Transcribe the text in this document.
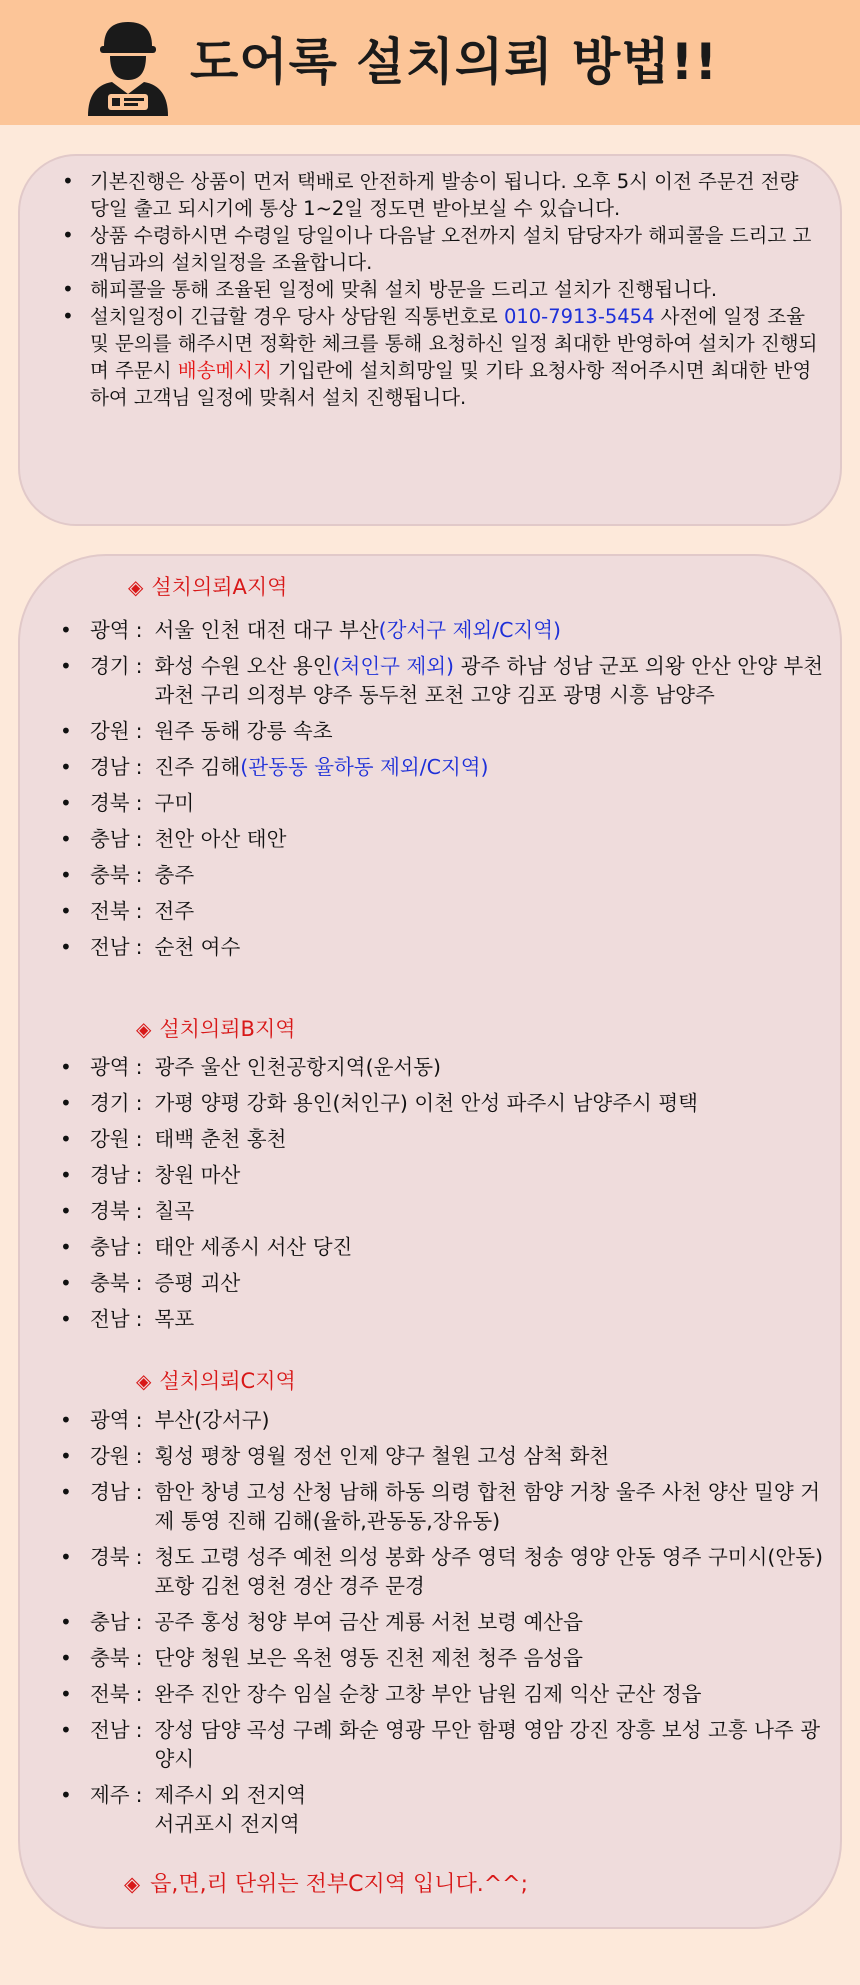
도어록 설치의뢰 방법!!
• 기본진행은 상품이 먼저 택배로 안전하게 발송이 됩니다. 오후 5시 이전 주문건 전량 당일 출고 되시기에 통상 1~2일 정도면 받아보실 수 있습니다.
• 상품 수령하시면 수령일 당일이나 다음날 오전까지 설치 담당자가 해피콜을 드리고 고객님과의 설치일정을 조율합니다.
• 해피콜을 통해 조율된 일정에 맞춰 설치 방문을 드리고 설치가 진행됩니다.
• 설치일정이 긴급할 경우 당사 상담원 직통번호로 010-7913-5454 사전에 일정 조율 및 문의를 해주시면 정확한 체크를 통해 요청하신 일정 최대한 반영하여 설치가 진행되며 주문시 배송메시지 기입란에 설치희망일 및 기타 요청사항 적어주시면 최대한 반영하여 고객님 일정에 맞춰서 설치 진행됩니다.
◈ 설치의뢰A지역
• 광역 : 서울 인천 대전 대구 부산(강서구 제외/C지역)
• 경기 : 화성 수원 오산 용인(처인구 제외) 광주 하남 성남 군포 의왕 안산 안양 부천 과천 구리 의정부 양주 동두천 포천 고양 김포 광명 시흥 남양주
• 강원 : 원주 동해 강릉 속초
• 경남 : 진주 김해(관동동 율하동 제외/C지역)
• 경북 : 구미
• 충남 : 천안 아산 태안
• 충북 : 충주
• 전북 : 전주
• 전남 : 순천 여수
◈ 설치의뢰B지역
• 광역 : 광주 울산 인천공항지역(운서동)
• 경기 : 가평 양평 강화 용인(처인구) 이천 안성 파주시 남양주시 평택
• 강원 : 태백 춘천 홍천
• 경남 : 창원 마산
• 경북 : 칠곡
• 충남 : 태안 세종시 서산 당진
• 충북 : 증평 괴산
• 전남 : 목포
◈ 설치의뢰C지역
• 광역 : 부산(강서구)
• 강원 : 횡성 평창 영월 정선 인제 양구 철원 고성 삼척 화천
• 경남 : 함안 창녕 고성 산청 남해 하동 의령 합천 함양 거창 울주 사천 양산 밀양 거제 통영 진해 김해(율하,관동동,장유동)
• 경북 : 청도 고령 성주 예천 의성 봉화 상주 영덕 청송 영양 안동 영주 구미시(안동) 포항 김천 영천 경산 경주 문경
• 충남 : 공주 홍성 청양 부여 금산 계룡 서천 보령 예산읍
• 충북 : 단양 청원 보은 옥천 영동 진천 제천 청주 음성읍
• 전북 : 완주 진안 장수 임실 순창 고창 부안 남원 김제 익산 군산 정읍
• 전남 : 장성 담양 곡성 구례 화순 영광 무안 함평 영암 강진 장흥 보성 고흥 나주 광양시
• 제주 : 제주시 외 전지역
서귀포시 전지역
◈ 읍,면,리 단위는 전부C지역 입니다.^^;
